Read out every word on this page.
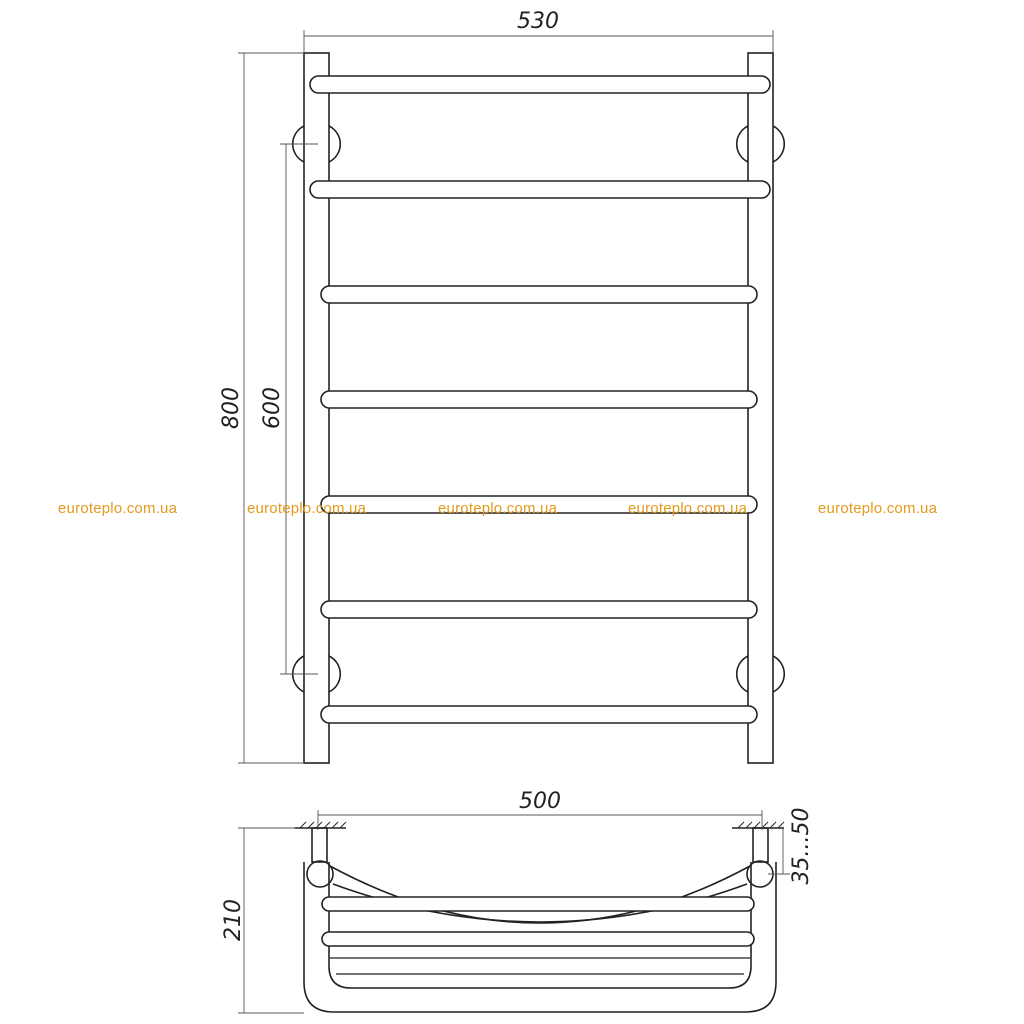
530
800 600
500
210
35...50
euroteplo.com.ua	euroteplo.com.ua	euroteplo.com.ua	euroteplo.com.ua	euroteplo.com.ua
